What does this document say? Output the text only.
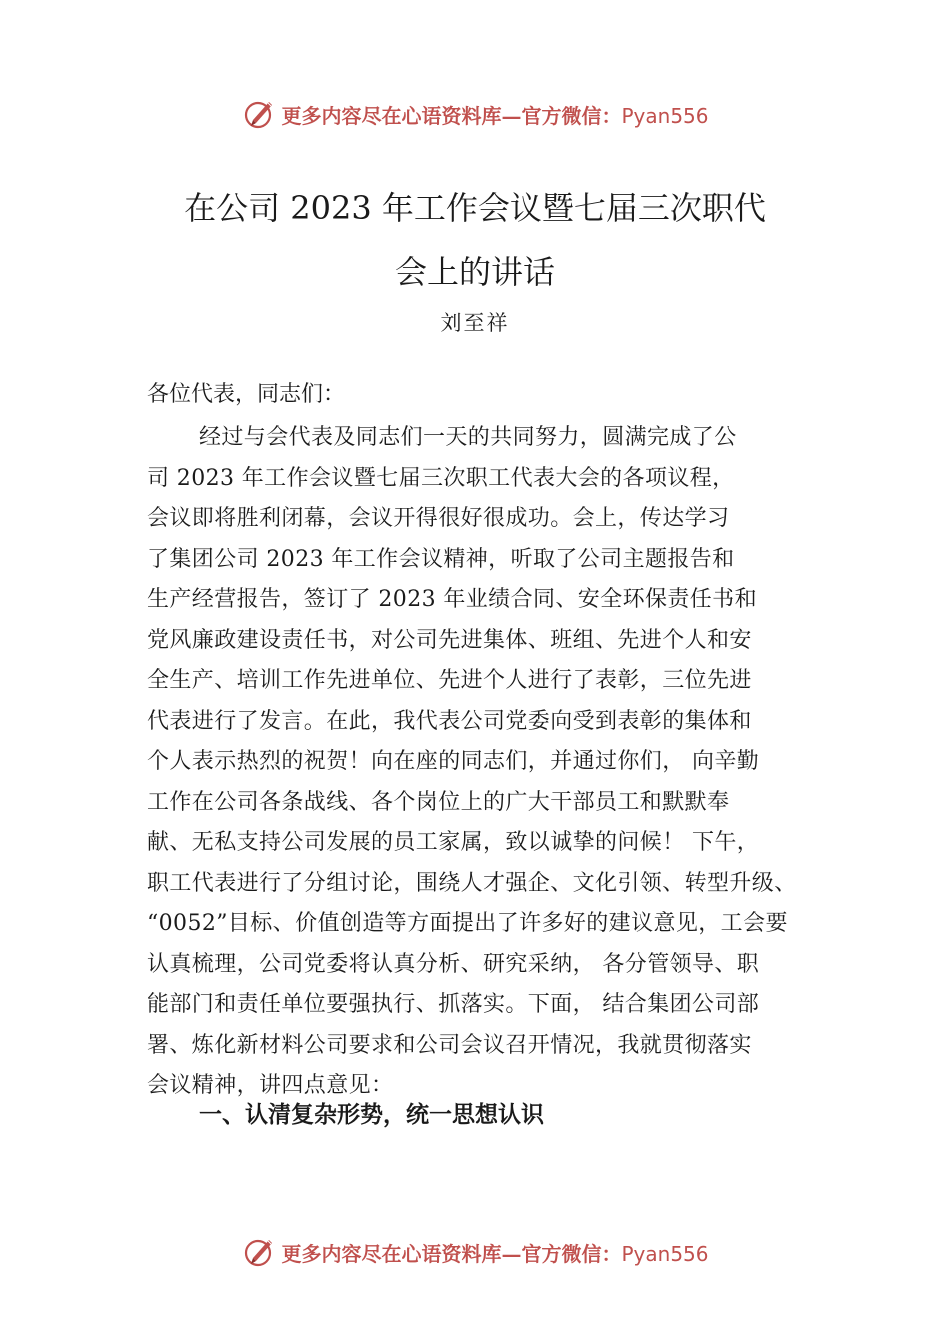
更多内容尽在心语资料库—官方微信：Pyan556
在公司 2023 年工作会议暨七届三次职代
会上的讲话
刘至祥
各位代表，同志们：
经过与会代表及同志们一天的共同努力，圆满完成了公
司 2023 年工作会议暨七届三次职工代表大会的各项议程，
会议即将胜利闭幕，会议开得很好很成功。会上，传达学习
了集团公司 2023 年工作会议精神，听取了公司主题报告和
生产经营报告，签订了 2023 年业绩合同、安全环保责任书和
党风廉政建设责任书，对公司先进集体、班组、先进个人和安
全生产、培训工作先进单位、先进个人进行了表彰，三位先进
代表进行了发言。在此，我代表公司党委向受到表彰的集体和
个人表示热烈的祝贺！向在座的同志们，并通过你们， 向辛勤
工作在公司各条战线、各个岗位上的广大干部员工和默默奉
献、无私支持公司发展的员工家属，致以诚挚的问候！ 下午，
职工代表进行了分组讨论，围绕人才强企、文化引领、转型升级、
“0052”目标、价值创造等方面提出了许多好的建议意见，工会要
认真梳理，公司党委将认真分析、研究采纳， 各分管领导、职
能部门和责任单位要强执行、抓落实。下面， 结合集团公司部
署、炼化新材料公司要求和公司会议召开情况，我就贯彻落实
会议精神，讲四点意见：
一、认清复杂形势，统一思想认识
更多内容尽在心语资料库—官方微信：Pyan556
